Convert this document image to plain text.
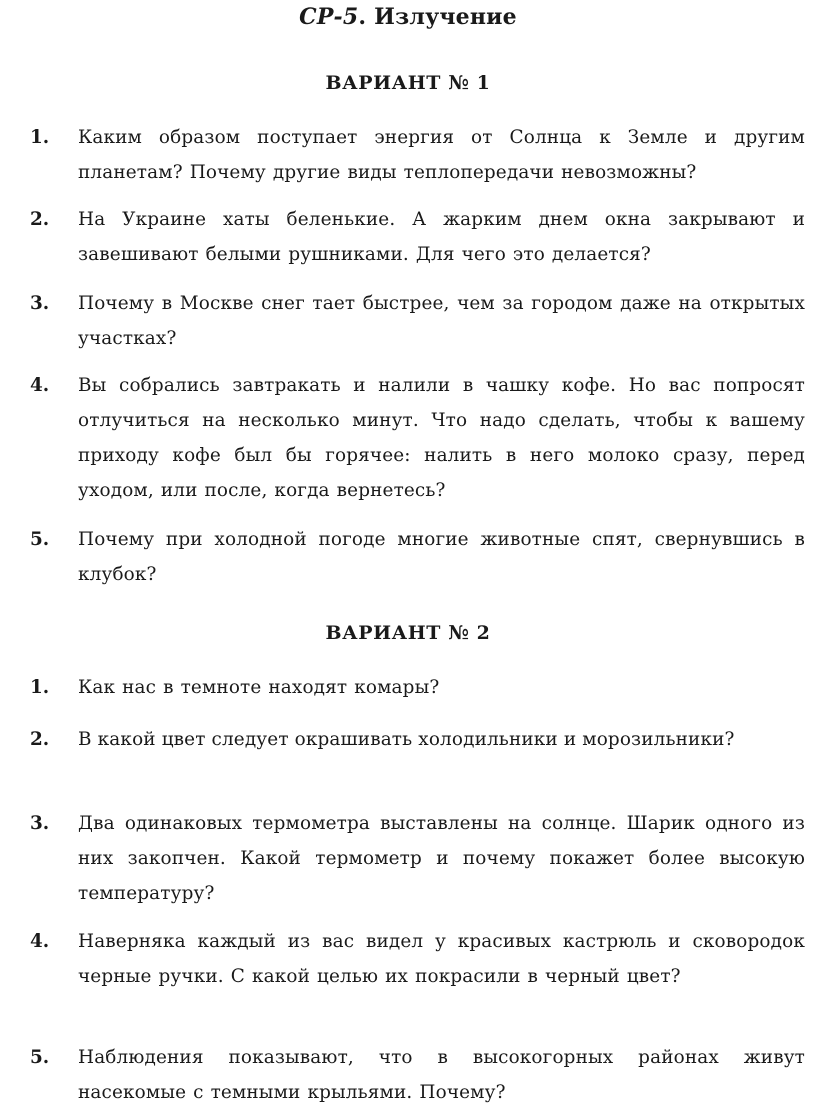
СР-5. Излучение
ВАРИАНТ № 1
1.	Каким образом поступает энергия от Солнца к Земле и другим планетам? Почему другие виды теплопередачи невозможны?
2.	На Украине хаты беленькие. А жарким днем окна закрывают и завешивают белыми рушниками. Для чего это делается?
3.	Почему в Москве снег тает быстрее, чем за городом даже на открытых участках?
4.	Вы собрались завтракать и налили в чашку кофе. Но вас попросят отлучиться на несколько минут. Что надо сделать, чтобы к вашему приходу кофе был бы горячее: налить в него молоко сразу, перед уходом, или после, когда вернетесь?
5.	Почему при холодной погоде многие животные спят, свернувшись в клубок?
ВАРИАНТ № 2
1.	Как нас в темноте находят комары?
2.	В какой цвет следует окрашивать холодильники и морозильники?
3.	Два одинаковых термометра выставлены на солнце. Шарик одного из них закопчен. Какой термометр и почему покажет более высокую температуру?
4.	Наверняка каждый из вас видел у красивых кастрюль и сковородок черные ручки. С какой целью их покрасили в черный цвет?
5.	Наблюдения показывают, что в высокогорных районах живут насекомые с темными крыльями. Почему?
